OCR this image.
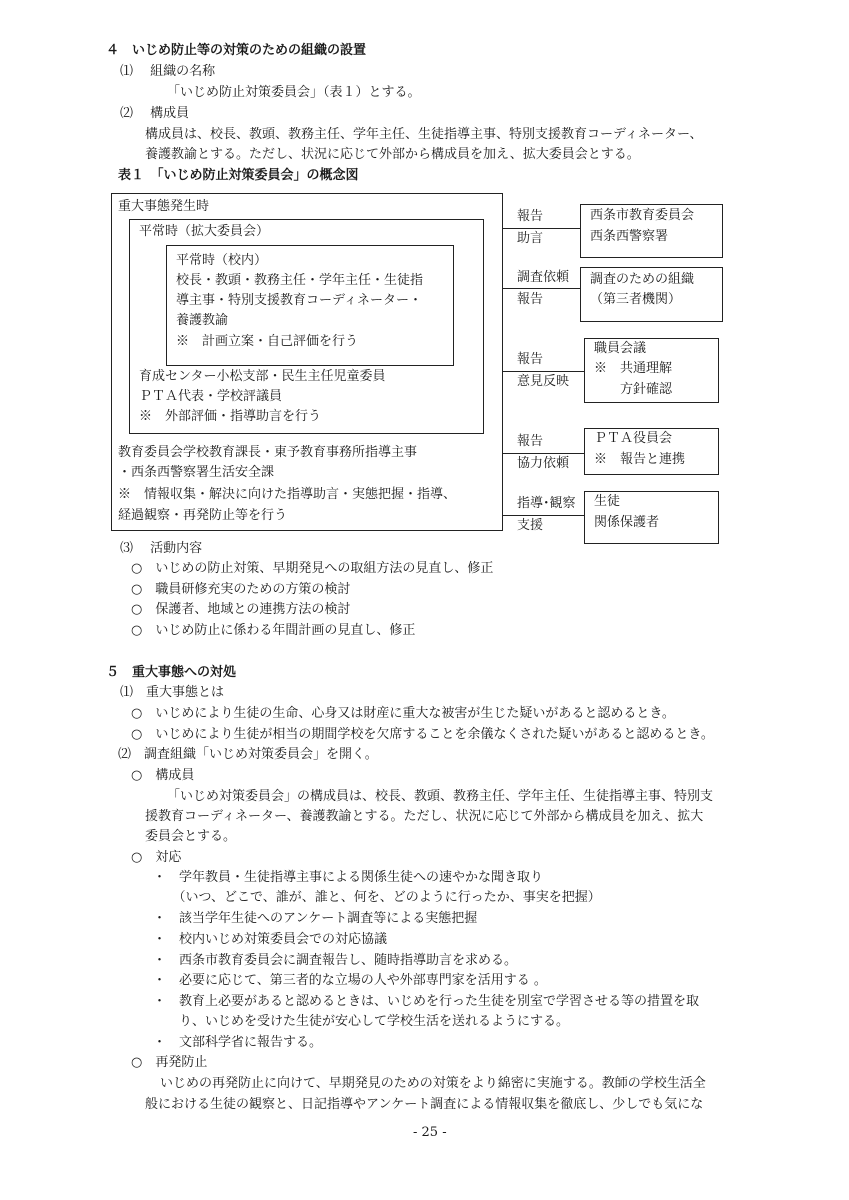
４　いじめ防止等の対策のための組織の設置
⑴　 組織の名称
「いじめ防止対策委員会」（表１）とする。
⑵　 構成員
構成員は、校長、教頭、教務主任、学年主任、生徒指導主事、特別支援教育コーディネーター、
養護教諭とする。ただし、状況に応じて外部から構成員を加え、拡大委員会とする。
表１　「いじめ防止対策委員会」の概念図
重大事態発生時
平常時（拡大委員会）
平常時（校内）
校長・教頭・教務主任・学年主任・生徒指
導主事・特別支援教育コーディネーター・
養護教諭
※　計画立案・自己評価を行う
育成センター小松支部・民生主任児童委員
ＰＴＡ代表・学校評議員
※　外部評価・指導助言を行う
教育委員会学校教育課長・東予教育事務所指導主事
・西条西警察署生活安全課
※　情報収集・解決に向けた指導助言・実態把握・指導、
経過観察・再発防止等を行う
報告
助言
西条市教育委員会
西条西警察署
調査依頼
報告
調査のための組織
（第三者機関）
報告
意見反映
職員会議
※　共通理解
　　方針確認
報告
協力依頼
ＰＴＡ役員会
※　報告と連携
指導･観察
支援
生徒
関係保護者
⑶　 活動内容
○　いじめの防止対策、早期発見への取組方法の見直し、修正
○　職員研修充実のための方策の検討
○　保護者、地域との連携方法の検討
○　いじめ防止に係わる年間計画の見直し、修正
５　重大事態への対処
⑴　重大事態とは
○　いじめにより生徒の生命、心身又は財産に重大な被害が生じた疑いがあると認めるとき。
○　いじめにより生徒が相当の期間学校を欠席することを余儀なくされた疑いがあると認めるとき。
⑵　調査組織「いじめ対策委員会」を開く。
○　構成員
「いじめ対策委員会」の構成員は、校長、教頭、教務主任、学年主任、生徒指導主事、特別支
援教育コーディネーター、養護教諭とする。ただし、状況に応じて外部から構成員を加え、拡大
委員会とする。
○　対応
・　学年教員・生徒指導主事による関係生徒への速やかな聞き取り
　　（いつ、どこで、誰が、誰と、何を、どのように行ったか、事実を把握）
・　該当学年生徒へのアンケート調査等による実態把握
・　校内いじめ対策委員会での対応協議
・　西条市教育委員会に調査報告し、随時指導助言を求める。
・　必要に応じて、第三者的な立場の人や外部専門家を活用する 。
・　教育上必要があると認めるときは、いじめを行った生徒を別室で学習させる等の措置を取
　　り、いじめを受けた生徒が安心して学校生活を送れるようにする。
・　文部科学省に報告する。
○　再発防止
いじめの再発防止に向けて、早期発見のための対策をより綿密に実施する。教師の学校生活全
般における生徒の観察と、日記指導やアンケート調査による情報収集を徹底し、少しでも気にな
- 25 -
